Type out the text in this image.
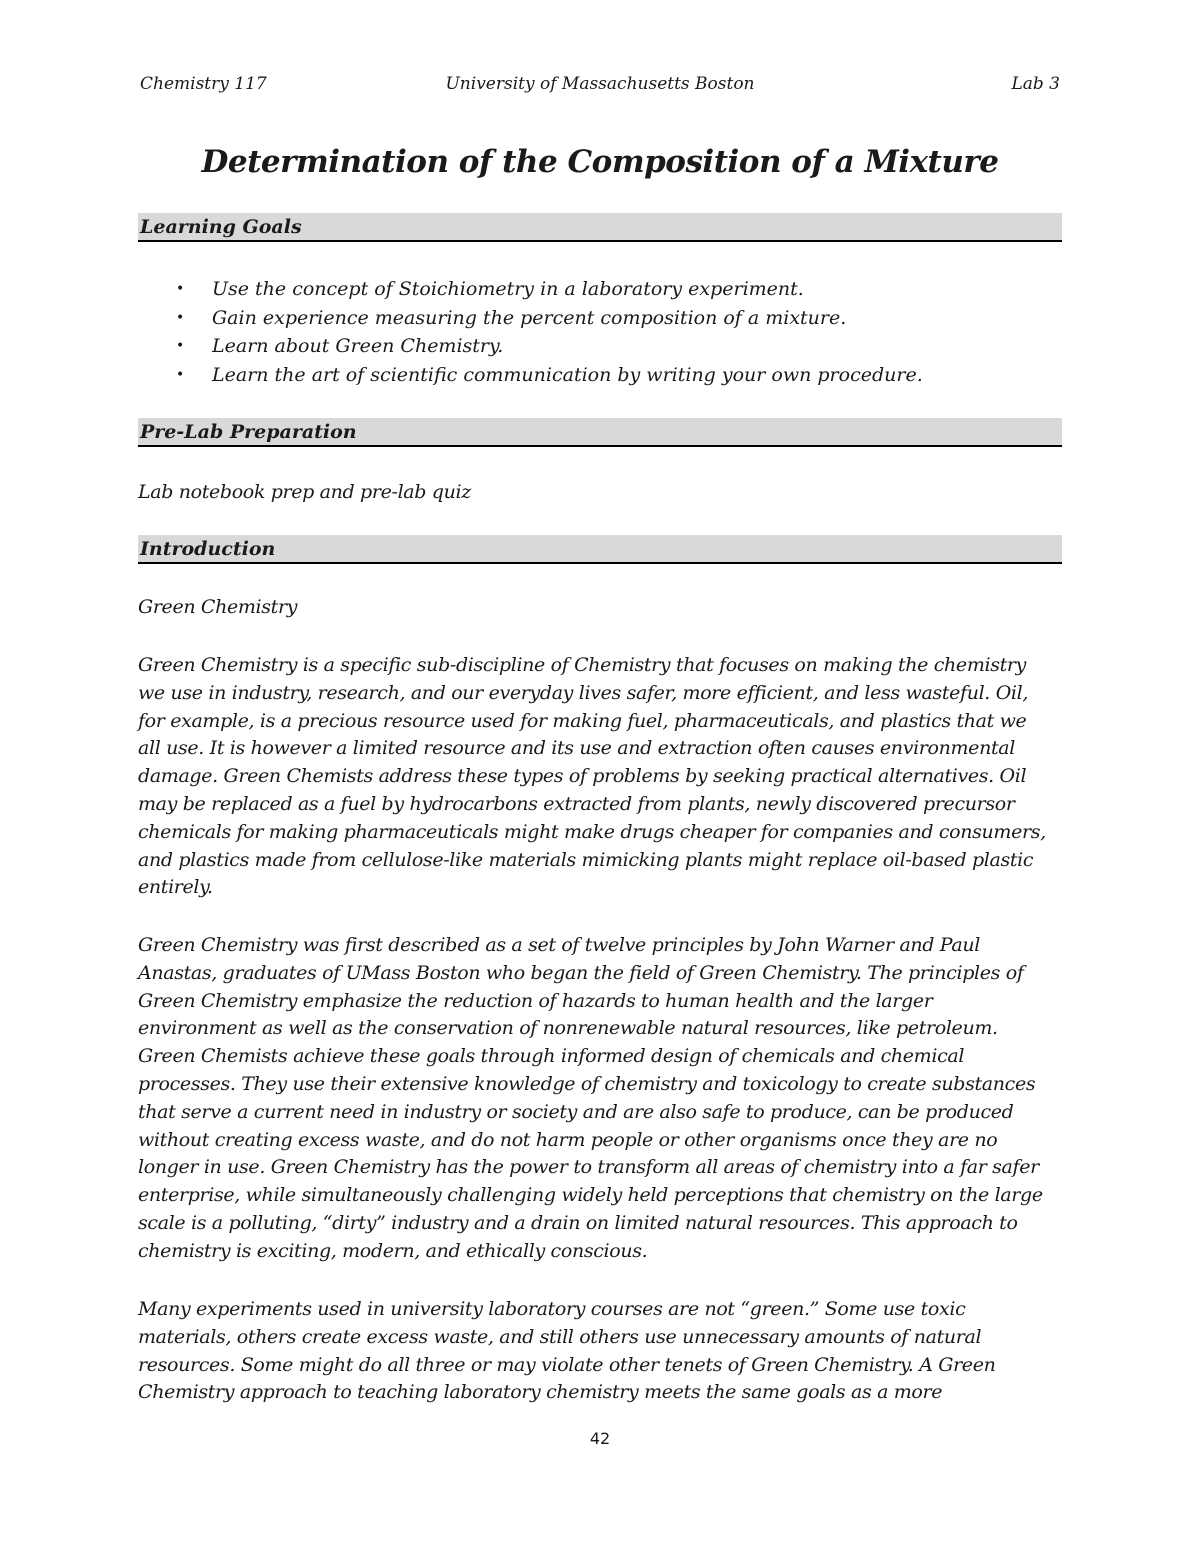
Chemistry 117	University of Massachusetts Boston	Lab 3
Determination of the Composition of a Mixture
Learning Goals
• Use the concept of Stoichiometry in a laboratory experiment.
• Gain experience measuring the percent composition of a mixture.
• Learn about Green Chemistry.
• Learn the art of scientific communication by writing your own procedure.
Pre-Lab Preparation

Lab notebook prep and pre-lab quiz

Introduction

Green Chemistry

Green Chemistry is a specific sub-discipline of Chemistry that focuses on making the chemistry
we use in industry, research, and our everyday lives safer, more efficient, and less wasteful. Oil,
for example, is a precious resource used for making fuel, pharmaceuticals, and plastics that we
all use. It is however a limited resource and its use and extraction often causes environmental
damage. Green Chemists address these types of problems by seeking practical alternatives. Oil
may be replaced as a fuel by hydrocarbons extracted from plants, newly discovered precursor
chemicals for making pharmaceuticals might make drugs cheaper for companies and consumers,
and plastics made from cellulose-like materials mimicking plants might replace oil-based plastic
entirely.

Green Chemistry was first described as a set of twelve principles by John Warner and Paul
Anastas, graduates of UMass Boston who began the field of Green Chemistry. The principles of
Green Chemistry emphasize the reduction of hazards to human health and the larger
environment as well as the conservation of nonrenewable natural resources, like petroleum.
Green Chemists achieve these goals through informed design of chemicals and chemical
processes. They use their extensive knowledge of chemistry and toxicology to create substances
that serve a current need in industry or society and are also safe to produce, can be produced
without creating excess waste, and do not harm people or other organisms once they are no
longer in use. Green Chemistry has the power to transform all areas of chemistry into a far safer
enterprise, while simultaneously challenging widely held perceptions that chemistry on the large
scale is a polluting, “dirty” industry and a drain on limited natural resources. This approach to
chemistry is exciting, modern, and ethically conscious.

Many experiments used in university laboratory courses are not “green.” Some use toxic
materials, others create excess waste, and still others use unnecessary amounts of natural
resources. Some might do all three or may violate other tenets of Green Chemistry. A Green
Chemistry approach to teaching laboratory chemistry meets the same goals as a more

42
